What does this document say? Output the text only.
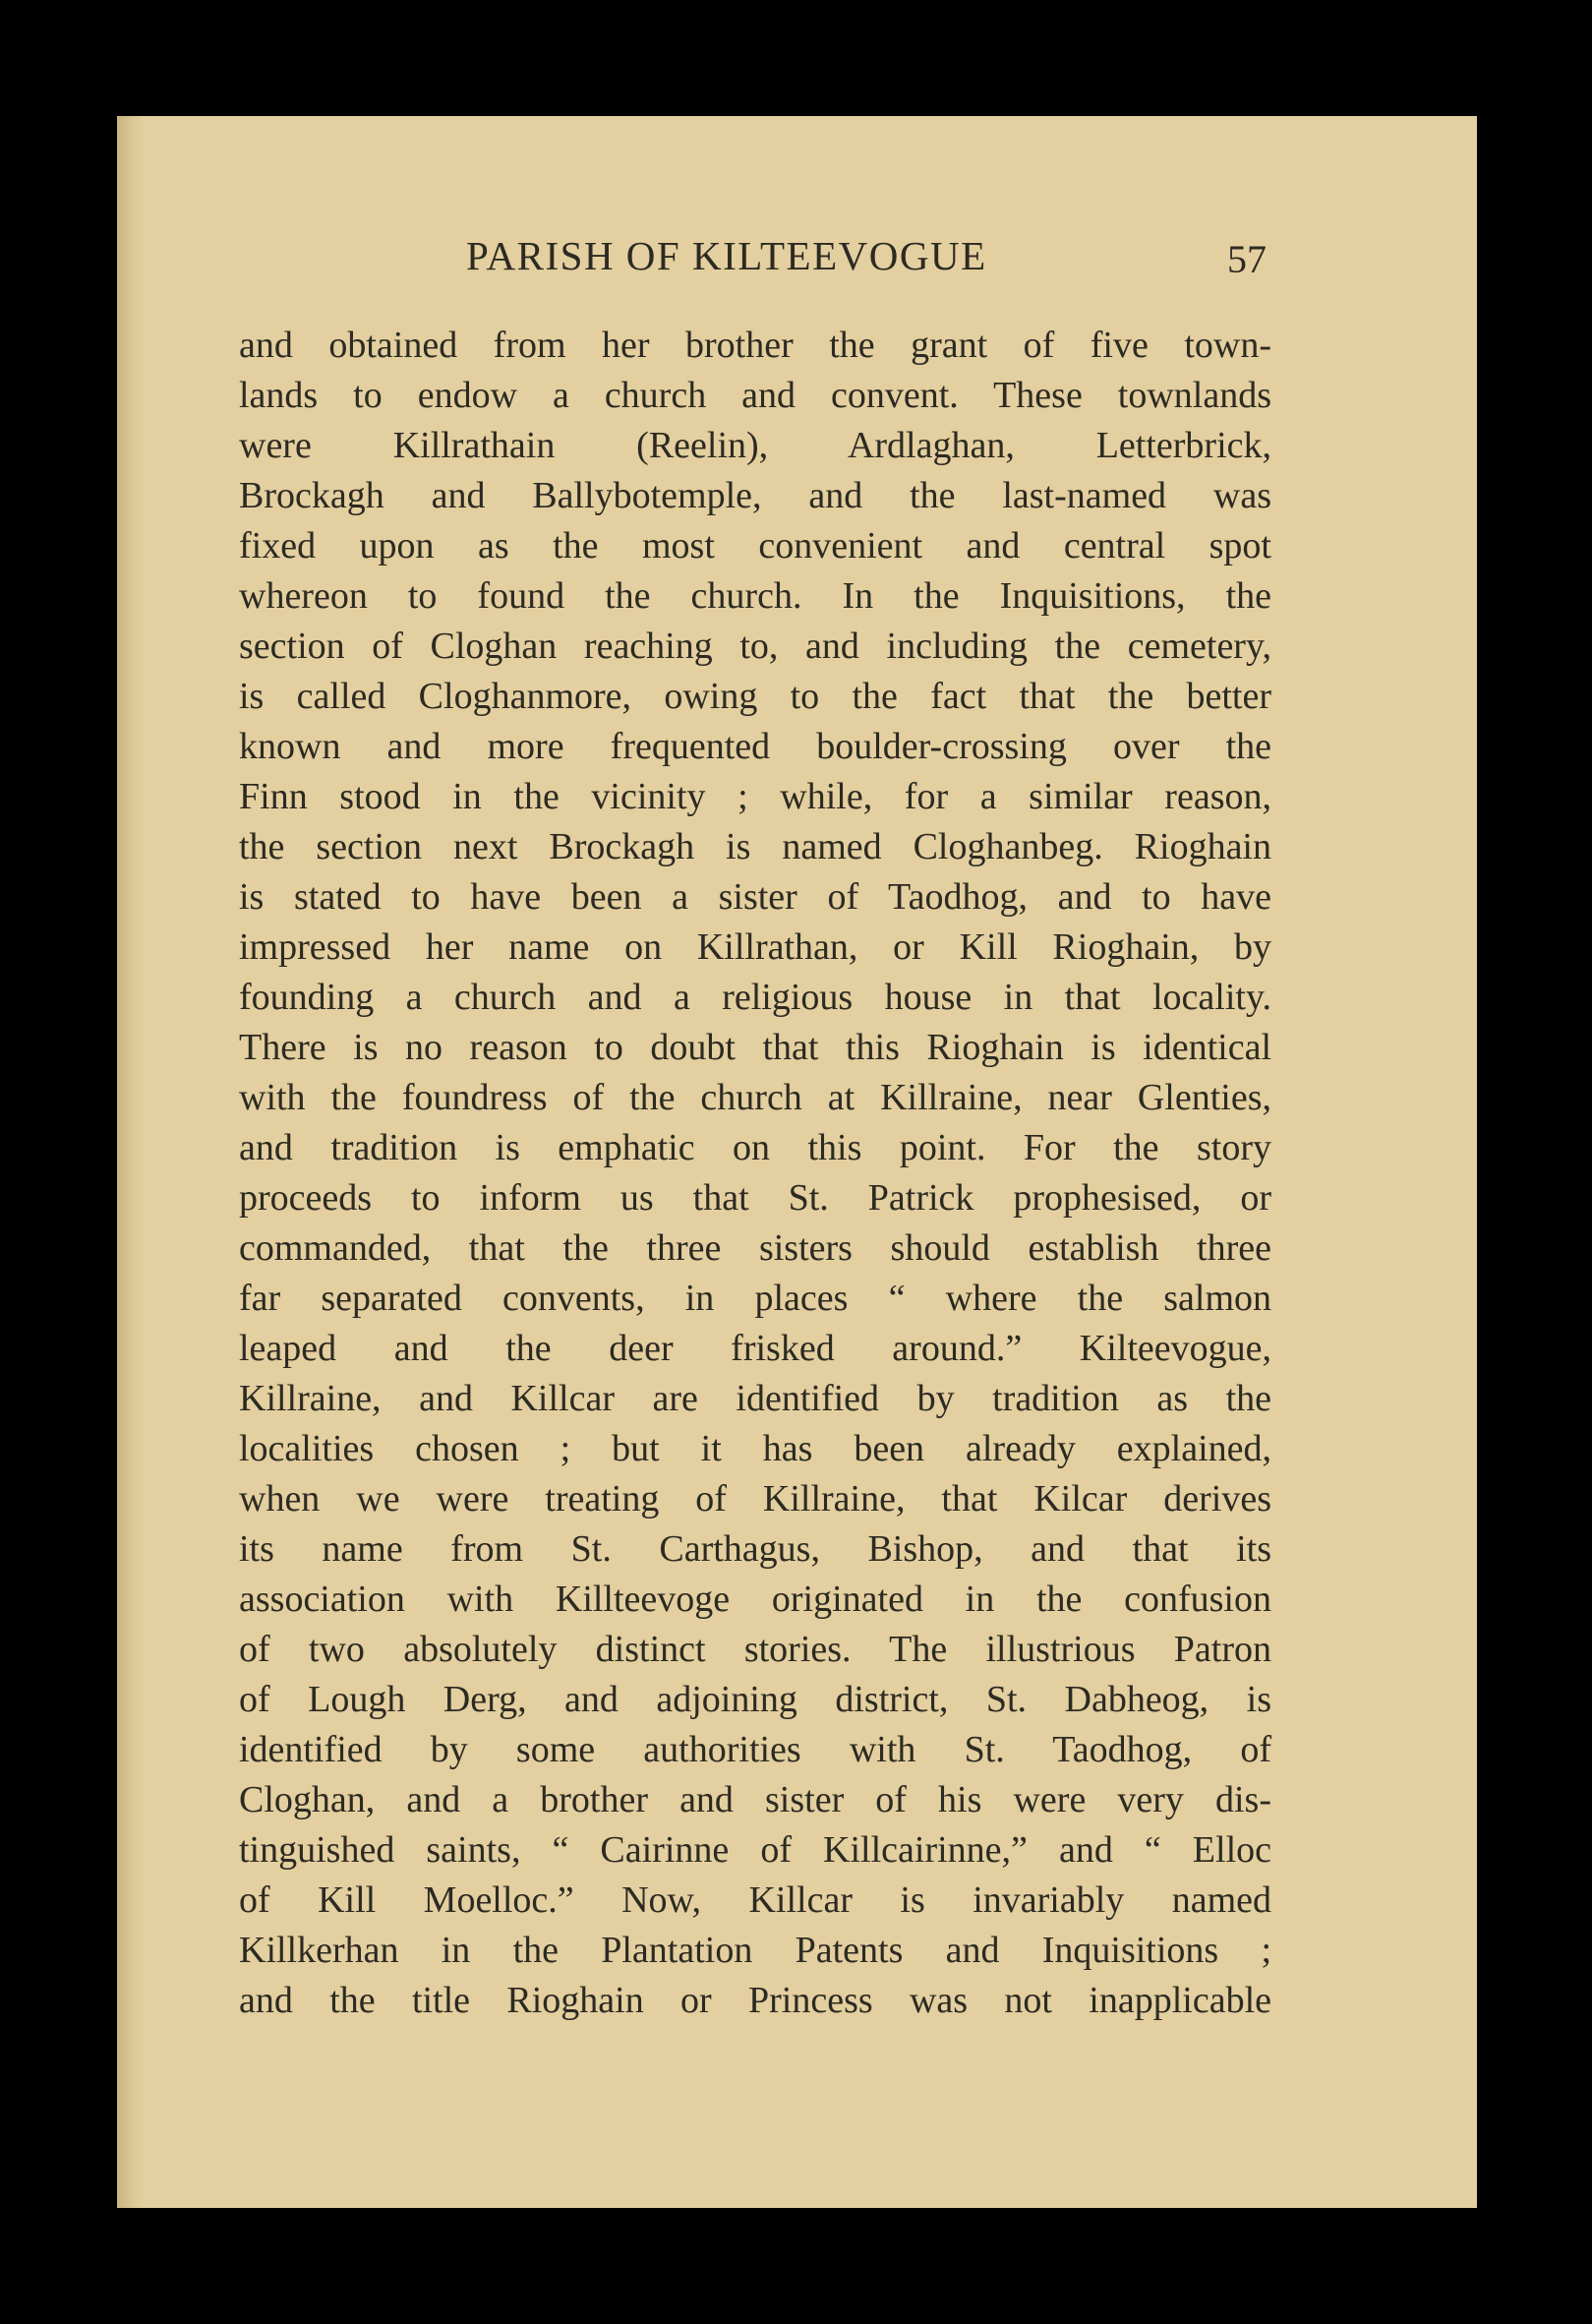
PARISH OF KILTEEVOGUE	57
and obtained from her brother the grant of five town-
lands to endow a church and convent. These townlands
were Killrathain (Reelin), Ardlaghan, Letterbrick,
Brockagh and Ballybotemple, and the last-named was
fixed upon as the most convenient and central spot
whereon to found the church. In the Inquisitions, the
section of Cloghan reaching to, and including the cemetery,
is called Cloghanmore, owing to the fact that the better
known and more frequented boulder-crossing over the
Finn stood in the vicinity ; while, for a similar reason,
the section next Brockagh is named Cloghanbeg. Rioghain
is stated to have been a sister of Taodhog, and to have
impressed her name on Killrathan, or Kill Rioghain, by
founding a church and a religious house in that locality.
There is no reason to doubt that this Rioghain is identical
with the foundress of the church at Killraine, near Glenties,
and tradition is emphatic on this point. For the story
proceeds to inform us that St. Patrick prophesised, or
commanded, that the three sisters should establish three
far separated convents, in places “ where the salmon
leaped and the deer frisked around.” Kilteevogue,
Killraine, and Killcar are identified by tradition as the
localities chosen ; but it has been already explained,
when we were treating of Killraine, that Kilcar derives
its name from St. Carthagus, Bishop, and that its
association with Killteevoge originated in the confusion
of two absolutely distinct stories. The illustrious Patron
of Lough Derg, and adjoining district, St. Dabheog, is
identified by some authorities with St. Taodhog, of
Cloghan, and a brother and sister of his were very dis-
tinguished saints, “ Cairinne of Killcairinne,” and “ Elloc
of Kill Moelloc.” Now, Killcar is invariably named
Killkerhan in the Plantation Patents and Inquisitions ;
and the title Rioghain or Princess was not inapplicable
